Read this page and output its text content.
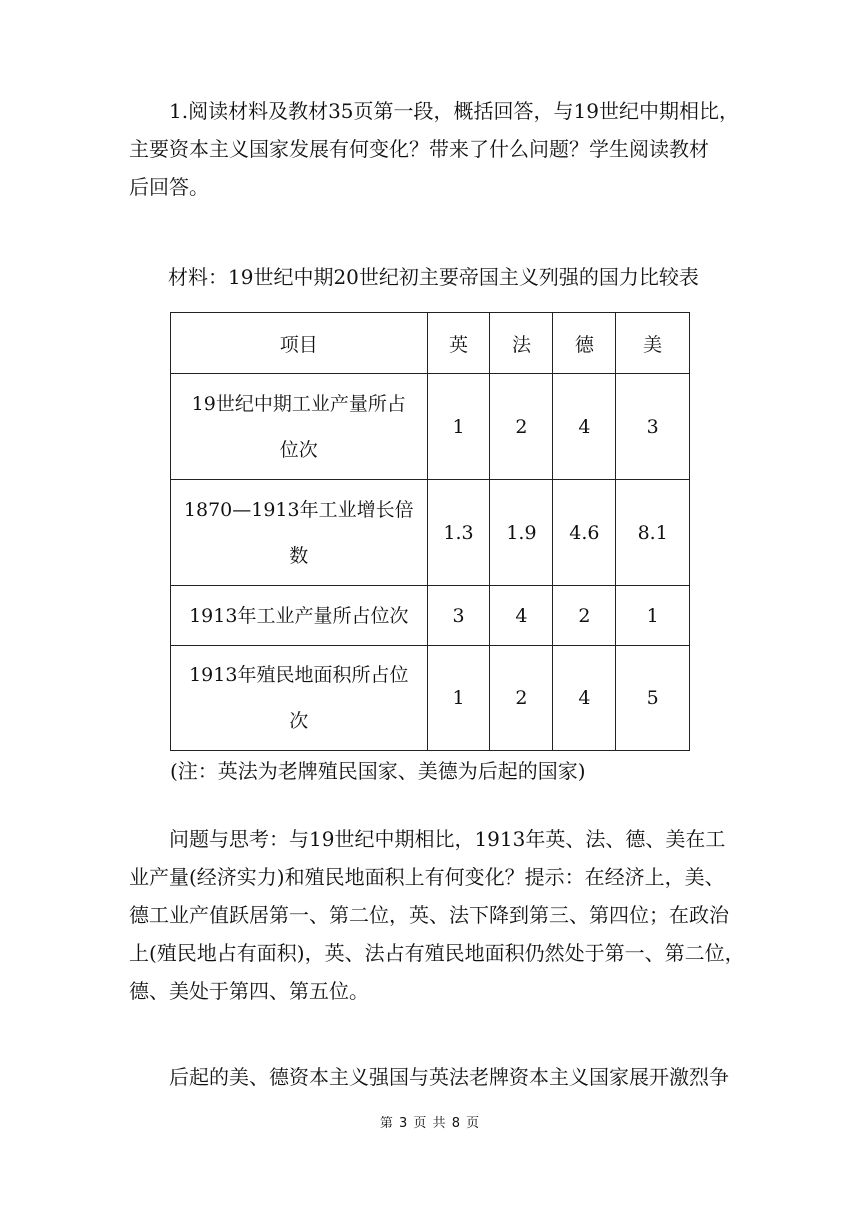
　　1.阅读材料及教材35页第一段，概括回答，与19世纪中期相比，
主要资本主义国家发展有何变化？带来了什么问题？学生阅读教材
后回答。

材料：19世纪中期20世纪初主要帝国主义列强的国力比较表
项目	英	法	德	美
19世纪中期工业产量所占
位次	1	2	4	3
1870—1913年工业增长倍
数	1.3	1.9	4.6	8.1
1913年工业产量所占位次	3	4	2	1
1913年殖民地面积所占位
次	1	2	4	5
(注：英法为老牌殖民国家、美德为后起的国家)

　　问题与思考：与19世纪中期相比，1913年英、法、德、美在工
业产量(经济实力)和殖民地面积上有何变化？提示：在经济上，美、
德工业产值跃居第一、第二位，英、法下降到第三、第四位；在政治
上(殖民地占有面积)，英、法占有殖民地面积仍然处于第一、第二位，
德、美处于第四、第五位。

　　后起的美、德资本主义强国与英法老牌资本主义国家展开激烈争

第 3 页 共 8 页
